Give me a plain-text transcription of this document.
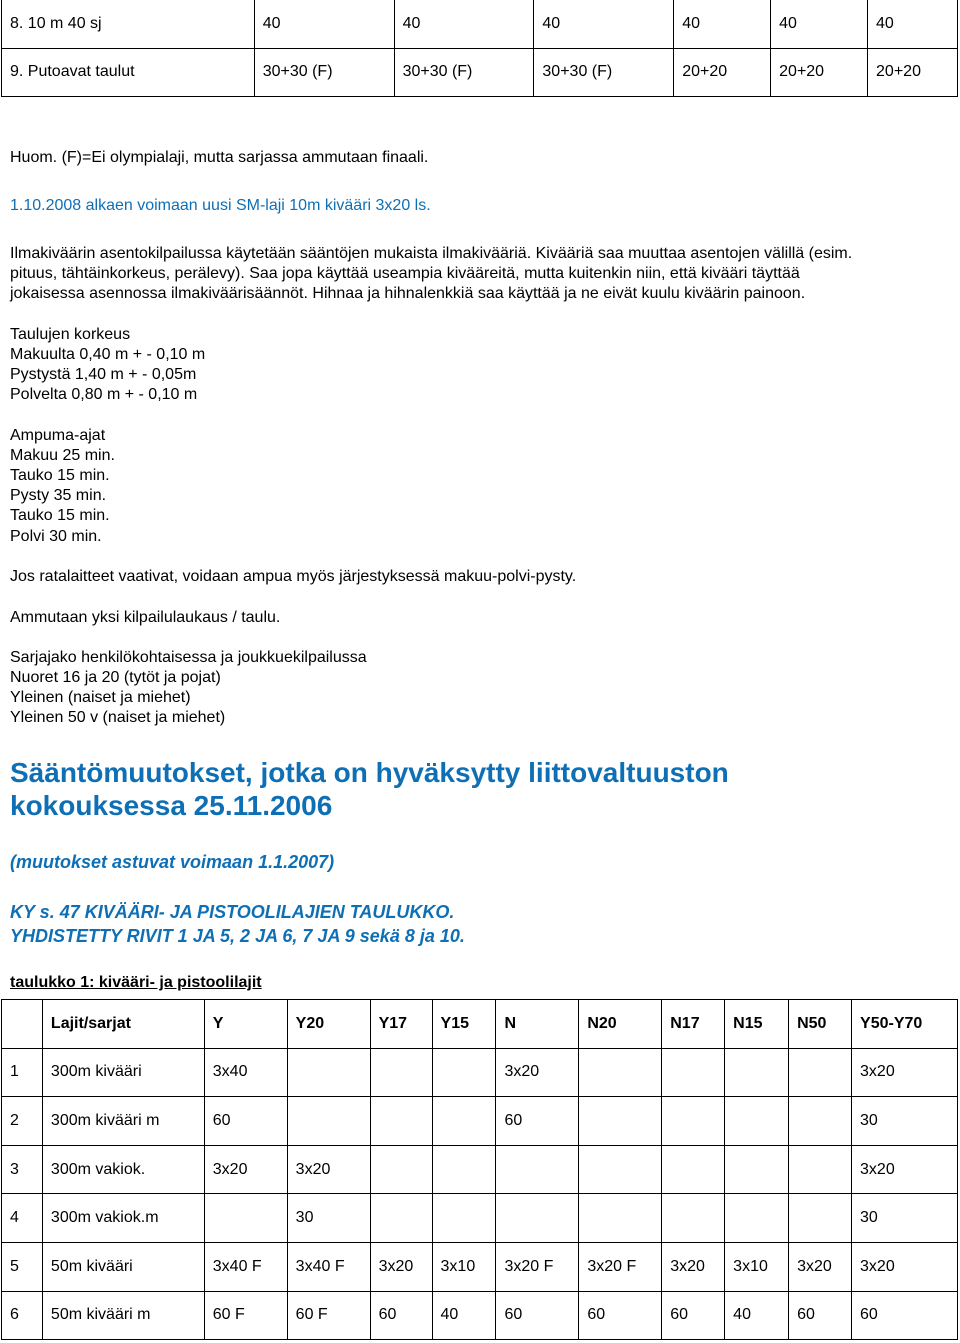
8. 10 m 40 sj	40	40	40	40	40	40
9. Putoavat taulut	30+30 (F)	30+30 (F)	30+30 (F)	20+20	20+20	20+20
Huom. (F)=Ei olympialaji, mutta sarjassa ammutaan finaali.
1.10.2008 alkaen voimaan uusi SM-laji 10m kivääri 3x20 ls.
Ilmakiväärin asentokilpailussa käytetään sääntöjen mukaista ilmakivääriä. Kivääriä saa muuttaa asentojen välillä (esim.
pituus, tähtäinkorkeus, perälevy). Saa jopa käyttää useampia kivääreitä, mutta kuitenkin niin, että kivääri täyttää
jokaisessa asennossa ilmakiväärisäännöt. Hihnaa ja hihnalenkkiä saa käyttää ja ne eivät kuulu kiväärin painoon.
Taulujen korkeus
Makuulta 0,40 m + - 0,10 m
Pystystä 1,40 m + - 0,05m
Polvelta 0,80 m + - 0,10 m
Ampuma-ajat
Makuu 25 min.
Tauko 15 min.
Pysty 35 min.
Tauko 15 min.
Polvi 30 min.
Jos ratalaitteet vaativat, voidaan ampua myös järjestyksessä makuu-polvi-pysty.
Ammutaan yksi kilpailulaukaus / taulu.
Sarjajako henkilökohtaisessa ja joukkuekilpailussa
Nuoret 16 ja 20 (tytöt ja pojat)
Yleinen (naiset ja miehet)
Yleinen 50 v (naiset ja miehet)
Sääntömuutokset, jotka on hyväksytty liittovaltuuston
kokouksessa 25.11.2006
(muutokset astuvat voimaan 1.1.2007)
KY s. 47 KIVÄÄRI- JA PISTOOLILAJIEN TAULUKKO.
YHDISTETTY RIVIT 1 JA 5, 2 JA 6, 7 JA 9 sekä 8 ja 10.
taulukko 1: kivääri- ja pistoolilajit
	Lajit/sarjat	Y	Y20	Y17	Y15	N	N20	N17	N15	N50	Y50-Y70
1	300m kivääri	3x40				3x20					3x20
2	300m kivääri m	60				60					30
3	300m vakiok.	3x20	3x20								3x20
4	300m vakiok.m		30								30
5	50m kivääri	3x40 F	3x40 F	3x20	3x10	3x20 F	3x20 F	3x20	3x10	3x20	3x20
6	50m kivääri m	60 F	60 F	60	40	60	60	60	40	60	60
